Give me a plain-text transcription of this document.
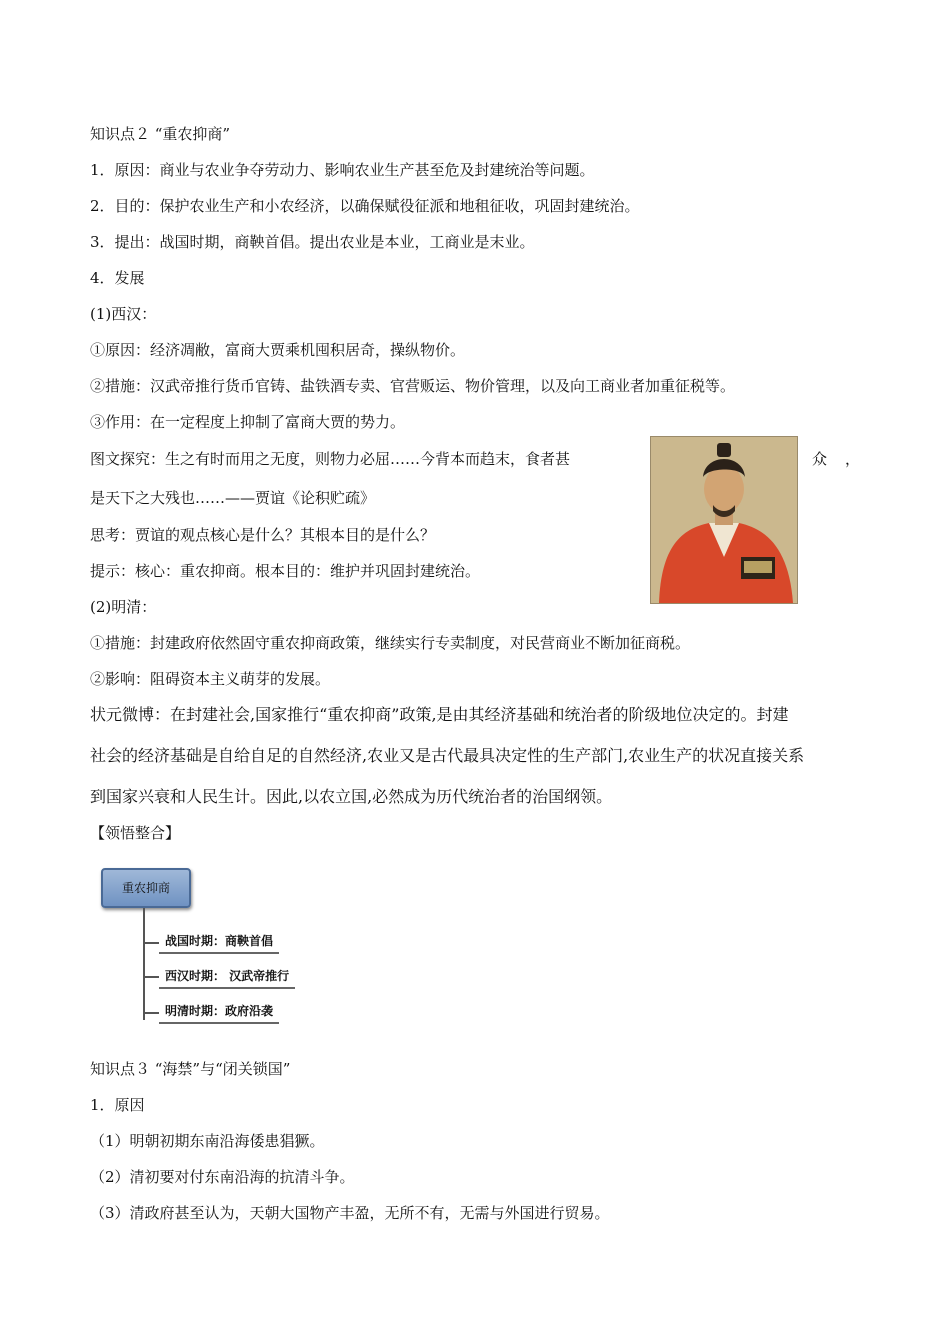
知识点２ “重农抑商”
1．原因：商业与农业争夺劳动力、影响农业生产甚至危及封建统治等问题。
2．目的：保护农业生产和小农经济，以确保赋役征派和地租征收，巩固封建统治。
3．提出：战国时期，商鞅首倡。提出农业是本业，工商业是末业。
4．发展
(1)西汉：
①原因：经济凋敝，富商大贾乘机囤积居奇，操纵物价。
②措施：汉武帝推行货币官铸、盐铁酒专卖、官营贩运、物价管理，以及向工商业者加重征税等。
③作用：在一定程度上抑制了富商大贾的势力。
图文探究：生之有时而用之无度，则物力必屈……今背本而趋末，食者甚	众 ，
是天下之大残也……——贾谊《论积贮疏》
思考：贾谊的观点核心是什么？其根本目的是什么？
提示：核心：重农抑商。根本目的：维护并巩固封建统治。
(2)明清：
①措施：封建政府依然固守重农抑商政策，继续实行专卖制度，对民营商业不断加征商税。
②影响：阻碍资本主义萌芽的发展。
状元微博：在封建社会,国家推行“重农抑商”政策,是由其经济基础和统治者的阶级地位决定的。封建
社会的经济基础是自给自足的自然经济,农业又是古代最具决定性的生产部门,农业生产的状况直接关系
到国家兴衰和人民生计。因此,以农立国,必然成为历代统治者的治国纲领。
【领悟整合】
重农抑商
战国时期：商鞅首倡
西汉时期： 汉武帝推行
明清时期：政府沿袭
知识点３ “海禁”与“闭关锁国”
1．原因
（1）明朝初期东南沿海倭患猖獗。
（2）清初要对付东南沿海的抗清斗争。
（3）清政府甚至认为，天朝大国物产丰盈，无所不有，无需与外国进行贸易。
